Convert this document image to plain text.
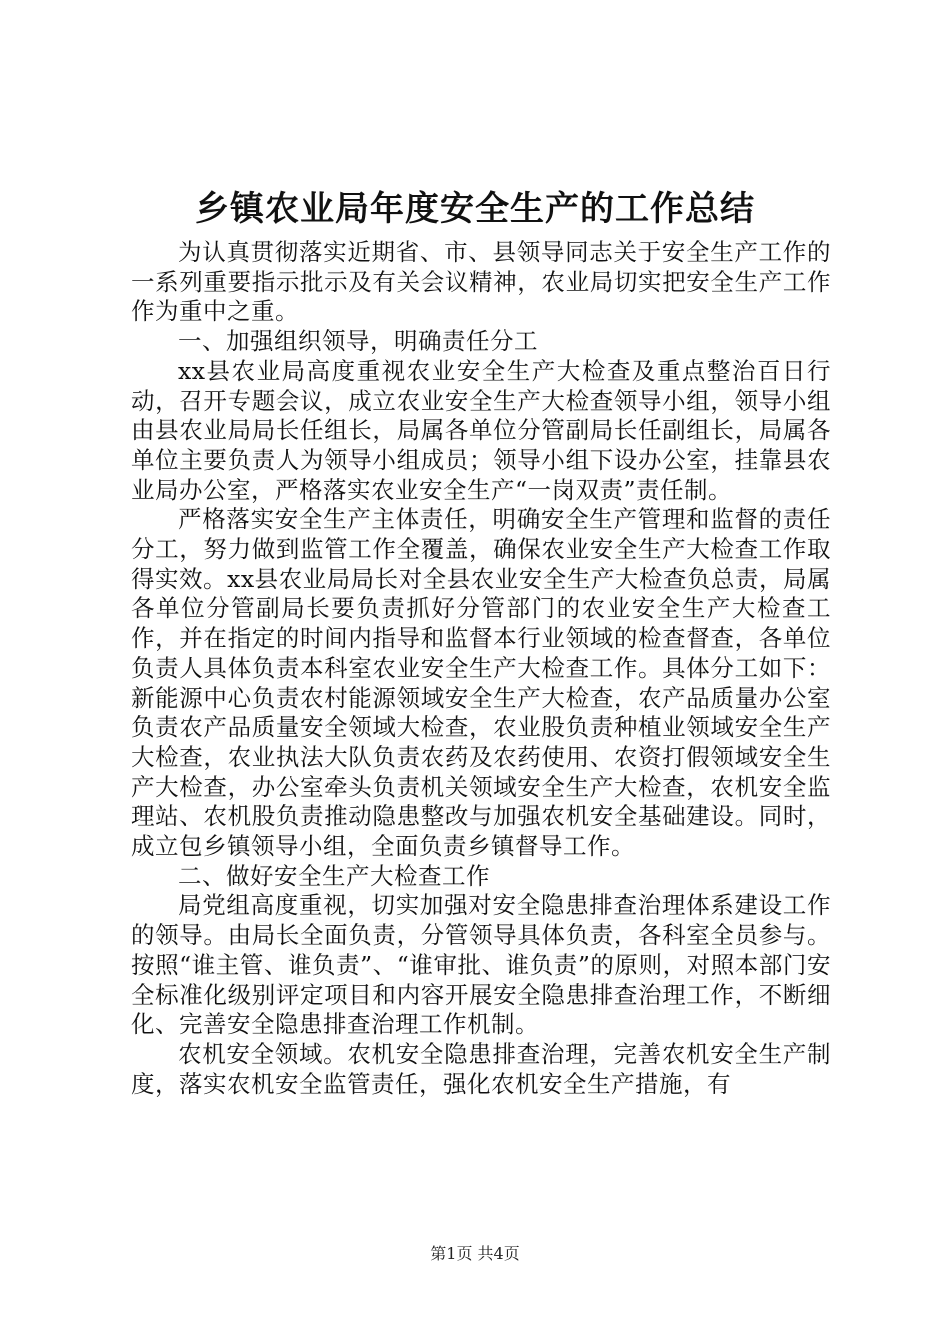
乡镇农业局年度安全生产的工作总结

为认真贯彻落实近期省、市、县领导同志关于安全生产工作的一系列重要指示批示及有关会议精神，农业局切实把安全生产工作作为重中之重。

一、加强组织领导，明确责任分工

xx县农业局高度重视农业安全生产大检查及重点整治百日行动，召开专题会议，成立农业安全生产大检查领导小组，领导小组由县农业局局长任组长，局属各单位分管副局长任副组长，局属各单位主要负责人为领导小组成员；领导小组下设办公室，挂靠县农业局办公室，严格落实农业安全生产“一岗双责”责任制。

严格落实安全生产主体责任，明确安全生产管理和监督的责任分工，努力做到监管工作全覆盖，确保农业安全生产大检查工作取得实效。xx县农业局局长对全县农业安全生产大检查负总责，局属各单位分管副局长要负责抓好分管部门的农业安全生产大检查工作，并在指定的时间内指导和监督本行业领域的检查督查，各单位负责人具体负责本科室农业安全生产大检查工作。具体分工如下：新能源中心负责农村能源领域安全生产大检查，农产品质量办公室负责农产品质量安全领域大检查，农业股负责种植业领域安全生产大检查，农业执法大队负责农药及农药使用、农资打假领域安全生产大检查，办公室牵头负责机关领域安全生产大检查，农机安全监理站、农机股负责推动隐患整改与加强农机安全基础建设。同时，成立包乡镇领导小组，全面负责乡镇督导工作。

二、做好安全生产大检查工作

局党组高度重视，切实加强对安全隐患排查治理体系建设工作的领导。由局长全面负责，分管领导具体负责，各科室全员参与。按照“谁主管、谁负责”、“谁审批、谁负责”的原则，对照本部门安全标准化级别评定项目和内容开展安全隐患排查治理工作，不断细化、完善安全隐患排查治理工作机制。

农机安全领域。农机安全隐患排查治理，完善农机安全生产制度，落实农机安全监管责任，强化农机安全生产措施，有

第1页 共4页
